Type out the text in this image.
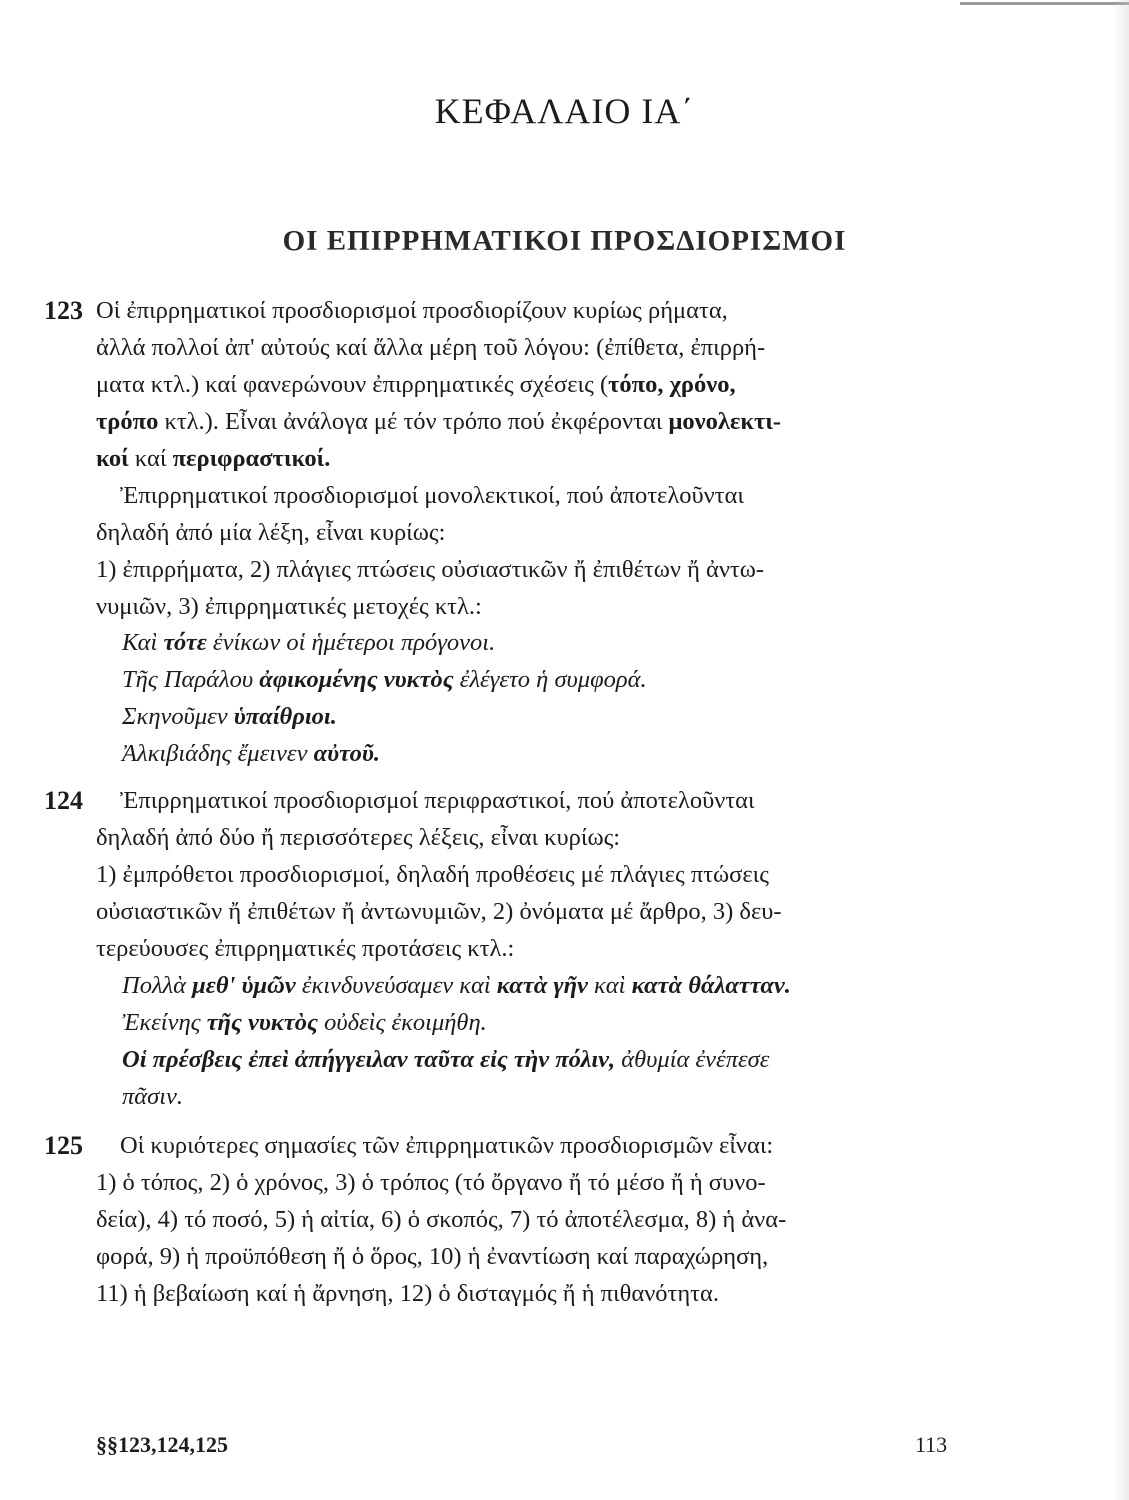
ΚΕΦΑΛΑΙΟ ΙΑ΄
ΟΙ ΕΠΙΡΡΗΜΑΤΙΚΟΙ ΠΡΟΣΔΙΟΡΙΣΜΟΙ
123 Οἱ ἐπιρρηματικοί προσδιορισμοί προσδιορίζουν κυρίως ρήματα,
ἀλλά πολλοί ἀπ' αὐτούς καί ἄλλα μέρη τοῦ λόγου: (ἐπίθετα, ἐπιρρή-
ματα κτλ.) καί φανερώνουν ἐπιρρηματικές σχέσεις (τόπο, χρόνο,
τρόπο κτλ.). Εἶναι ἀνάλογα μέ τόν τρόπο πού ἐκφέρονται μονολεκτι-
κοί καί περιφραστικοί.
Ἐπιρρηματικοί προσδιορισμοί μονολεκτικοί, πού ἀποτελοῦνται
δηλαδή ἀπό μία λέξη, εἶναι κυρίως:
1) ἐπιρρήματα, 2) πλάγιες πτώσεις οὐσιαστικῶν ἤ ἐπιθέτων ἤ ἀντω-
νυμιῶν, 3) ἐπιρρηματικές μετοχές κτλ.:
Καὶ τότε ἐνίκων οἱ ἡμέτεροι πρόγονοι.
Τῆς Παράλου ἀφικομένης νυκτὸς ἐλέγετο ἡ συμφορά.
Σκηνοῦμεν ὑπαίθριοι.
Ἀλκιβιάδης ἔμεινεν αὐτοῦ.
124	Ἐπιρρηματικοί προσδιορισμοί περιφραστικοί, πού ἀποτελοῦνται
δηλαδή ἀπό δύο ἤ περισσότερες λέξεις, εἶναι κυρίως:
1) ἐμπρόθετοι προσδιορισμοί, δηλαδή προθέσεις μέ πλάγιες πτώσεις
οὐσιαστικῶν ἤ ἐπιθέτων ἤ ἀντωνυμιῶν, 2) ὀνόματα μέ ἄρθρο, 3) δευ-
τερεύουσες ἐπιρρηματικές προτάσεις κτλ.:
Πολλὰ μεθ' ὑμῶν ἐκινδυνεύσαμεν καὶ κατὰ γῆν καὶ κατὰ θάλατταν.
Ἐκείνης τῆς νυκτὸς οὐδεὶς ἐκοιμήθη.
Οἱ πρέσβεις ἐπεὶ ἀπήγγειλαν ταῦτα εἰς τὴν πόλιν, ἀθυμία ἐνέπεσε
πᾶσιν.
125	Οἱ κυριότερες σημασίες τῶν ἐπιρρηματικῶν προσδιορισμῶν εἶναι:
1) ὁ τόπος, 2) ὁ χρόνος, 3) ὁ τρόπος (τό ὄργανο ἤ τό μέσο ἤ ἡ συνο-
δεία), 4) τό ποσό, 5) ἡ αἰτία, 6) ὁ σκοπός, 7) τό ἀποτέλεσμα, 8) ἡ ἀνα-
φορά, 9) ἡ προϋπόθεση ἤ ὁ ὅρος, 10) ἡ ἐναντίωση καί παραχώρηση,
11) ἡ βεβαίωση καί ἡ ἄρνηση, 12) ὁ δισταγμός ἤ ἡ πιθανότητα.
§§123,124,125	113
